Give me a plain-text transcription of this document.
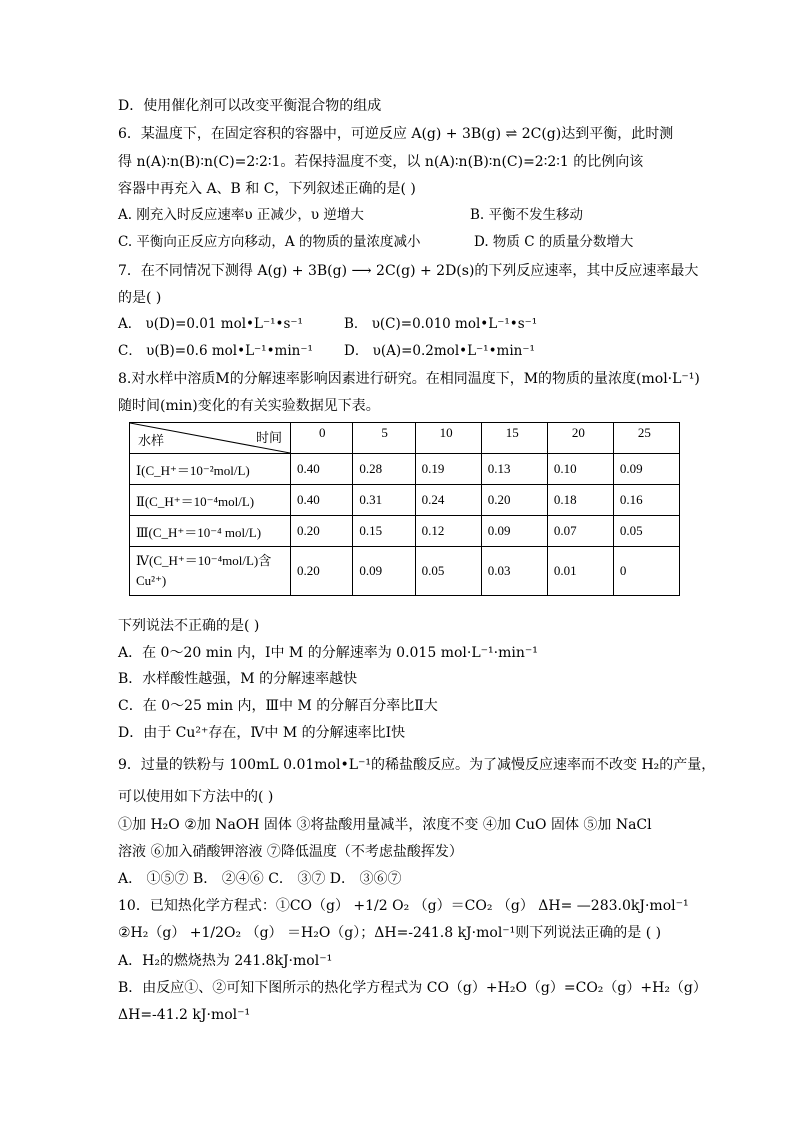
D．使用催化剂可以改变平衡混合物的组成
6．某温度下，在固定容积的容器中，可逆反应 A(g) + 3B(g) ⇌ 2C(g)达到平衡，此时测
得 n(A)∶n(B)∶n(C)=2∶2∶1。若保持温度不变，以 n(A)∶n(B)∶n(C)=2∶2∶1 的比例向该
容器中再充入 A、B 和 C，下列叙述正确的是( )
A. 刚充入时反应速率υ 正减少，υ 逆增大	B. 平衡不发生移动
C. 平衡向正反应方向移动，A 的物质的量浓度减小	D. 物质 C 的质量分数增大
7．在不同情况下测得 A(g) + 3B(g) ⟶ 2C(g) + 2D(s)的下列反应速率，其中反应速率最大
的是( )
A． υ(D)=0.01 mol•L⁻¹•s⁻¹	B． υ(C)=0.010 mol•L⁻¹•s⁻¹
C． υ(B)=0.6 mol•L⁻¹•min⁻¹ D． υ(A)=0.2mol•L⁻¹•min⁻¹
8.对水样中溶质M的分解速率影响因素进行研究。在相同温度下，M的物质的量浓度(mol·L⁻¹)
随时间(min)变化的有关实验数据见下表。
时间
水样	0	5	10	15	20	25
Ⅰ(C_H⁺＝10⁻²mol/L)	0.40	0.28	0.19	0.13	0.10	0.09
Ⅱ(C_H⁺＝10⁻⁴mol/L)	0.40	0.31	0.24	0.20	0.18	0.16
Ⅲ(C_H⁺＝10⁻⁴ mol/L)	0.20	0.15	0.12	0.09	0.07	0.05
Ⅳ(C_H⁺＝10⁻⁴mol/L)含Cu²⁺)	0.20	0.09	0.05	0.03	0.01	0
下列说法不正确的是( )
A．在 0～20 min 内，Ⅰ中 M 的分解速率为 0.015 mol·L⁻¹·min⁻¹
B．水样酸性越强，M 的分解速率越快
C．在 0～25 min 内，Ⅲ中 M 的分解百分率比Ⅱ大
D．由于 Cu²⁺存在，Ⅳ中 M 的分解速率比Ⅰ快
9．过量的铁粉与 100mL 0.01mol•L⁻¹的稀盐酸反应。为了减慢反应速率而不改变 H₂的产量，
可以使用如下方法中的( )
①加 H₂O ②加 NaOH 固体 ③将盐酸用量减半，浓度不变 ④加 CuO 固体 ⑤加 NaCl
溶液 ⑥加入硝酸钾溶液 ⑦降低温度（不考虑盐酸挥发）
A． ①⑤⑦ B． ②④⑥ C． ③⑦ D． ③⑥⑦
10．已知热化学方程式：①CO（g） +1/2 O₂ （g）＝CO₂ （g） ΔH= —283.0kJ·mol⁻¹
②H₂（g） +1/2O₂ （g） ＝H₂O（g）；ΔH=-241.8 kJ·mol⁻¹则下列说法正确的是 ( )
A．H₂的燃烧热为 241.8kJ·mol⁻¹
B．由反应①、②可知下图所示的热化学方程式为 CO（g）+H₂O（g）=CO₂（g）+H₂（g）
ΔH=-41.2 kJ·mol⁻¹
